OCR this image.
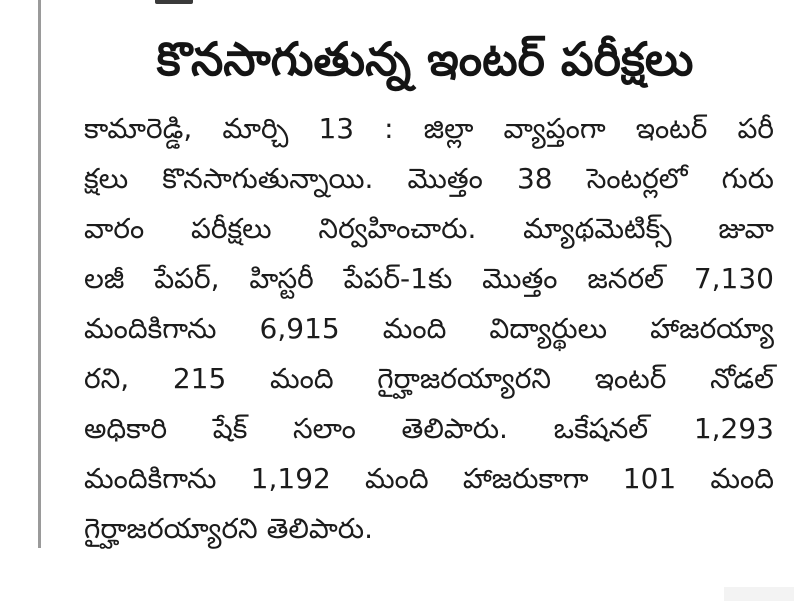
కొనసాగుతున్న ఇంటర్ పరీక్షలు
కామారెడ్డి, మార్చి 13 : జిల్లా వ్యాప్తంగా ఇంటర్ పరీ
క్షలు కొనసాగుతున్నాయి. మొత్తం 38 సెంటర్లలో గురు
వారం పరీక్షలు నిర్వహించారు. మ్యాథమెటిక్స్ జువా
లజీ పేపర్, హిస్టరీ పేపర్-1కు మొత్తం జనరల్ 7,130
మందికిగాను 6,915 మంది విద్యార్థులు హాజరయ్యా
రని, 215 మంది గైర్హాజరయ్యారని ఇంటర్ నోడల్
అధికారి షేక్ సలాం తెలిపారు. ఒకేషనల్ 1,293
మందికిగాను 1,192 మంది హాజరుకాగా 101 మంది
గైర్హాజరయ్యారని తెలిపారు.
